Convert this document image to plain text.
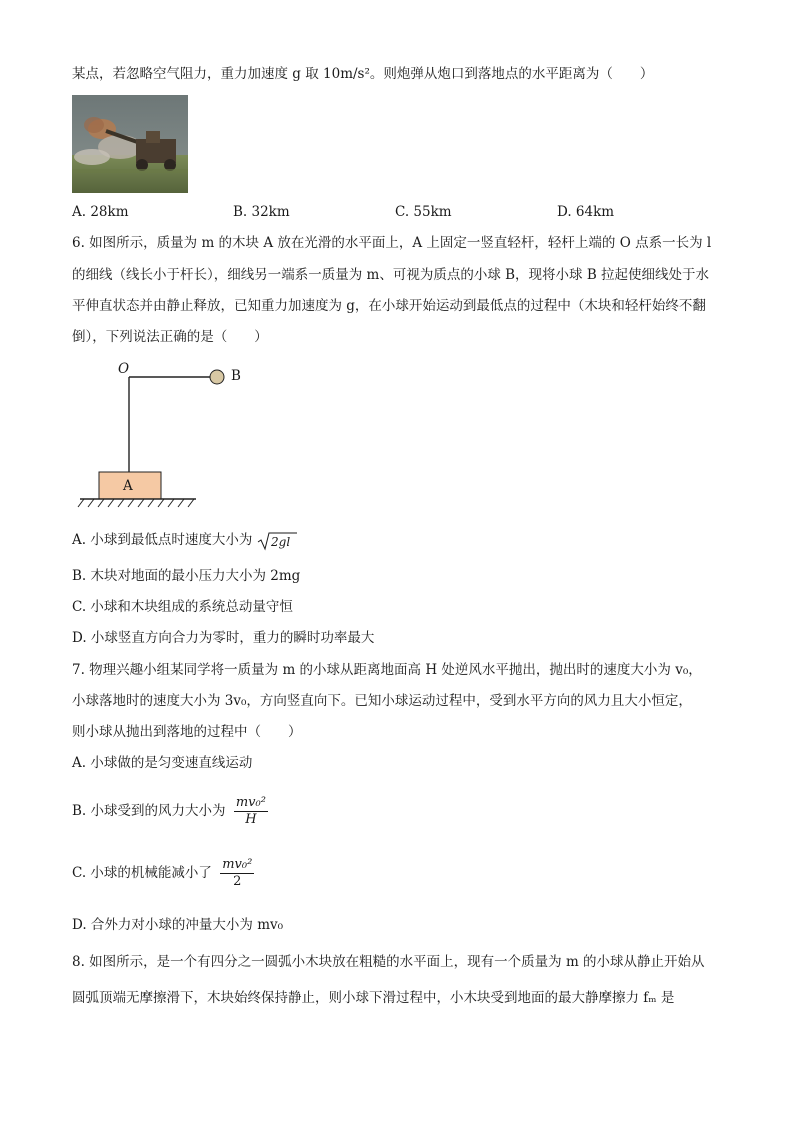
某点，若忽略空气阻力，重力加速度 g 取 10m/s²。则炮弹从炮口到落地点的水平距离为（　　）
A. 28km	B. 32km	C. 55km	D. 64km
6. 如图所示，质量为 m 的木块 A 放在光滑的水平面上，A 上固定一竖直轻杆，轻杆上端的 O 点系一长为 l
的细线（线长小于杆长），细线另一端系一质量为 m、可视为质点的小球 B，现将小球 B 拉起使细线处于水
平伸直状态并由静止释放，已知重力加速度为 g，在小球开始运动到最低点的过程中（木块和轻杆始终不翻
倒），下列说法正确的是（　　）
O	B
A
A. 小球到最低点时速度大小为 2gl
B. 木块对地面的最小压力大小为 2mg
C. 小球和木块组成的系统总动量守恒
D. 小球竖直方向合力为零时，重力的瞬时功率最大
7. 物理兴趣小组某同学将一质量为 m 的小球从距离地面高 H 处逆风水平抛出，抛出时的速度大小为 v₀，
小球落地时的速度大小为 3v₀，方向竖直向下。已知小球运动过程中，受到水平方向的风力且大小恒定，
则小球从抛出到落地的过程中（　　）
A. 小球做的是匀变速直线运动
B. 小球受到的风力大小为 $\frac{\text{mv₀²}}{H}$
C. 小球的机械能减小了 $\frac{\text{mv₀²}}{2}$
D. 合外力对小球的冲量大小为 mv₀
8. 如图所示，是一个有四分之一圆弧小木块放在粗糙的水平面上，现有一个质量为 m 的小球从静止开始从
圆弧顶端无摩擦滑下，木块始终保持静止，则小球下滑过程中，小木块受到地面的最大静摩擦力 fₘ 是
